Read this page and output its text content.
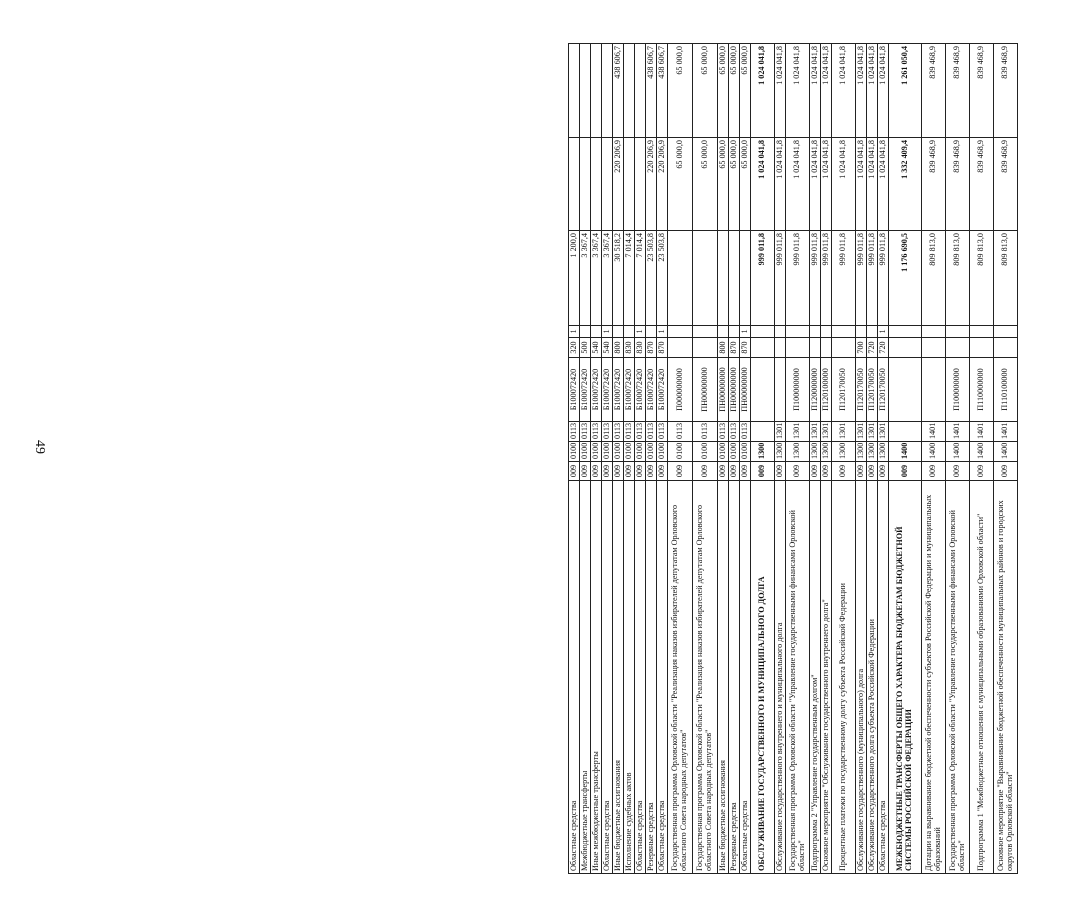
49
Областные средства	009	0100	0113	Б100072420	320	1	1 200,0		
Межбюджетные трансферты	009	0100	0113	Б100072420	500		3 367,4		
Иные межбюджетные трансферты	009	0100	0113	Б100072420	540		3 367,4		
Областные средства	009	0100	0113	Б100072420	540	1	3 367,4		
Иные бюджетные ассигнования	009	0100	0113	Б100072420	800		30 518,2	220 206,9	438 606,7
Исполнение судебных актов	009	0100	0113	Б100072420	830		7 014,4		
Областные средства	009	0100	0113	Б100072420	830	1	7 014,4		
Резервные средства	009	0100	0113	Б100072420	870		23 503,8	220 206,9	438 606,7
Областные средства	009	0100	0113	Б100072420	870	1	23 503,8	220 206,9	438 606,7
Государственная программа Орловской области "Реализация наказов избирателей депутатам Орловского областного Совета народных депутатов"	009	0100	0113	П000000000				65 000,0	65 000,0
Государственная программа Орловской области "Реализация наказов избирателей депутатам Орловского областного Совета народных депутатов"	009	0100	0113	ПН00000000				65 000,0	65 000,0
Иные бюджетные ассигнования	009	0100	0113	ПН00000000	800			65 000,0	65 000,0
Резервные средства	009	0100	0113	ПН00000000	870			65 000,0	65 000,0
Областные средства	009	0100	0113	ПН00000000	870	1		65 000,0	65 000,0
ОБСЛУЖИВАНИЕ ГОСУДАРСТВЕННОГО И МУНИЦИПАЛЬНОГО ДОЛГА	009	1300					999 011,8	1 024 041,8	1 024 041,8
Обслуживание государственного внутреннего и муниципального долга	009	1300	1301				999 011,8	1 024 041,8	1 024 041,8
Государственная программа Орловской области "Управление государственными финансами Орловской области"	009	1300	1301	П100000000			999 011,8	1 024 041,8	1 024 041,8
Подпрограмма 2 "Управление государственным долгом"	009	1300	1301	П120000000			999 011,8	1 024 041,8	1 024 041,8
Основное мероприятие "Обслуживание государственного внутреннего долга"	009	1300	1301	П120100000			999 011,8	1 024 041,8	1 024 041,8
Процентные платежи по государственному долгу субъекта Российской Федерации	009	1300	1301	П120170050			999 011,8	1 024 041,8	1 024 041,8
Обслуживание государственного (муниципального) долга	009	1300	1301	П120170050	700		999 011,8	1 024 041,8	1 024 041,8
Обслуживание государственного долга субъекта Российской Федерации	009	1300	1301	П120170050	720		999 011,8	1 024 041,8	1 024 041,8
Областные средства	009	1300	1301	П120170050	720	1	999 011,8	1 024 041,8	1 024 041,8
МЕЖБЮДЖЕТНЫЕ ТРАНСФЕРТЫ ОБЩЕГО ХАРАКТЕРА БЮДЖЕТАМ БЮДЖЕТНОЙ СИСТЕМЫ РОССИЙСКОЙ ФЕДЕРАЦИИ	009	1400					1 176 690,5	1 332 409,4	1 261 050,4
Дотации на выравнивание бюджетной обеспеченности субъектов Российской Федерации и муниципальных образований	009	1400	1401				809 813,0	839 468,9	839 468,9
Государственная программа Орловской области "Управление государственными финансами Орловской области"	009	1400	1401	П100000000			809 813,0	839 468,9	839 468,9
Подпрограмма 1 "Межбюджетные отношения с муниципальными образованиями Орловской области"	009	1400	1401	П110000000			809 813,0	839 468,9	839 468,9
Основное мероприятие "Выравнивание бюджетной обеспеченности муниципальных районов и городских округов Орловской области"	009	1400	1401	П110100000			809 813,0	839 468,9	839 468,9
